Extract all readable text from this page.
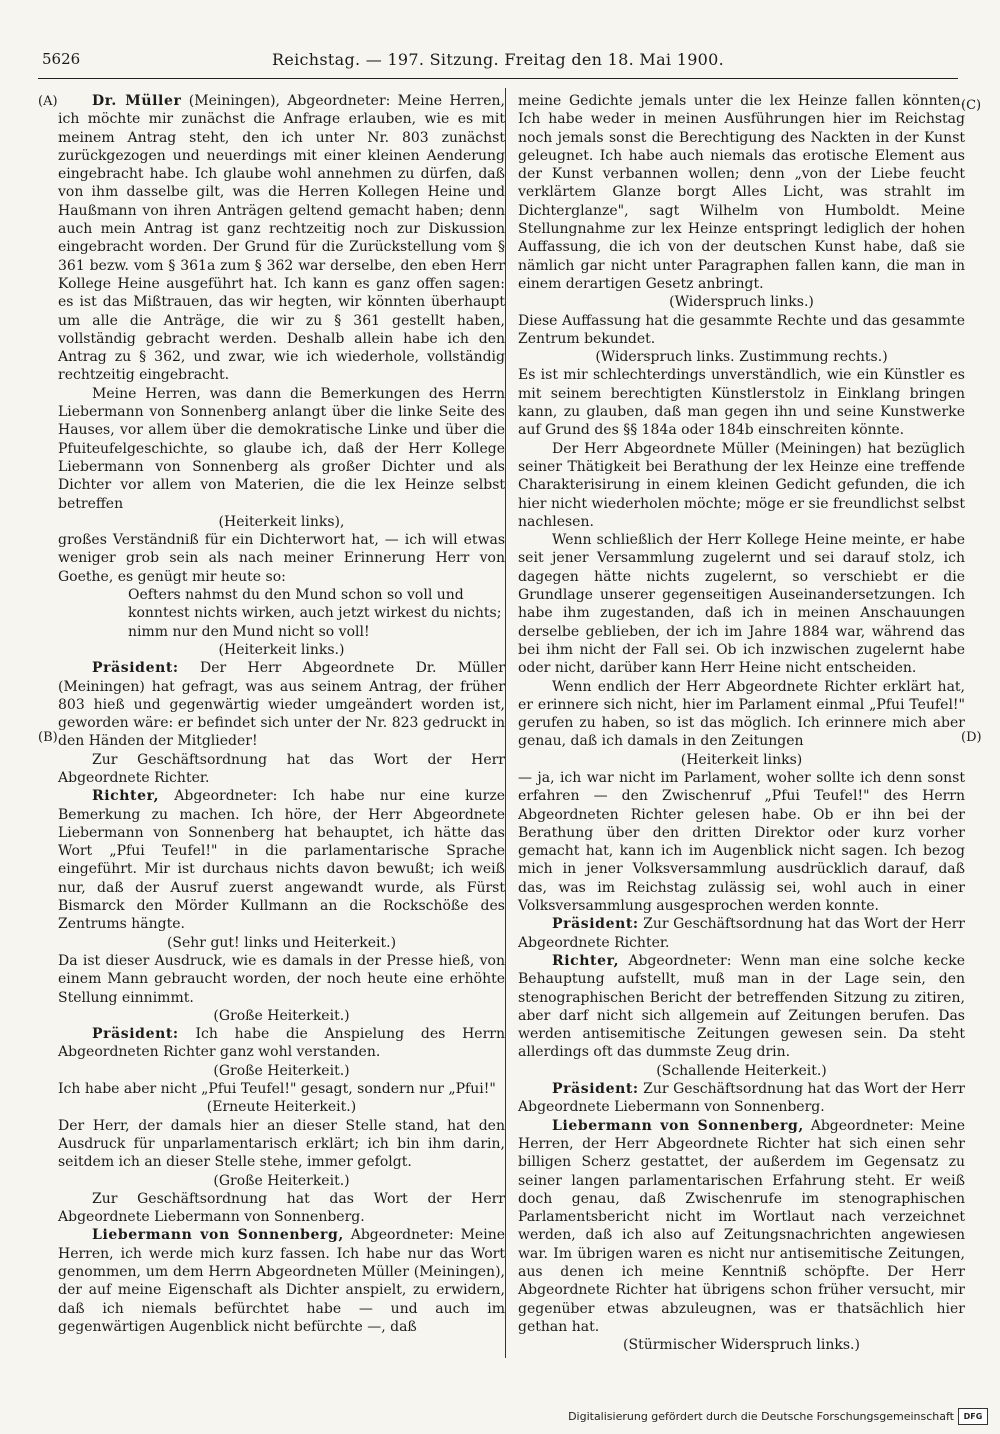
5626	Reichstag. — 197. Sitzung. Freitag den 18. Mai 1900.
(A)
(B)
(C)
(D)

Dr. Müller (Meiningen), Abgeordneter: Meine Herren, ich möchte mir zunächst die Anfrage erlauben, wie es mit meinem Antrag steht, den ich unter Nr. 803 zunächst zurückgezogen und neuerdings mit einer kleinen Aenderung eingebracht habe. Ich glaube wohl annehmen zu dürfen, daß von ihm dasselbe gilt, was die Herren Kollegen Heine und Haußmann von ihren Anträgen geltend gemacht haben; denn auch mein Antrag ist ganz rechtzeitig noch zur Diskussion eingebracht worden. Der Grund für die Zurückstellung vom § 361 bezw. vom § 361a zum § 362 war derselbe, den eben Herr Kollege Heine ausgeführt hat. Ich kann es ganz offen sagen: es ist das Mißtrauen, das wir hegten, wir könnten überhaupt um alle die Anträge, die wir zu § 361 gestellt haben, vollständig gebracht werden. Deshalb allein habe ich den Antrag zu § 362, und zwar, wie ich wiederhole, vollständig rechtzeitig eingebracht.

Meine Herren, was dann die Bemerkungen des Herrn Liebermann von Sonnenberg anlangt über die linke Seite des Hauses, vor allem über die demokratische Linke und über die Pfuiteufelgeschichte, so glaube ich, daß der Herr Kollege Liebermann von Sonnenberg als großer Dichter und als Dichter vor allem von Materien, die die lex Heinze selbst betreffen

(Heiterkeit links),

großes Verständniß für ein Dichterwort hat, — ich will etwas weniger grob sein als nach meiner Erinnerung Herr von Goethe, es genügt mir heute so:

Oefters nahmst du den Mund schon so voll und

konntest nichts wirken, auch jetzt wirkest du nichts;

nimm nur den Mund nicht so voll!

(Heiterkeit links.)

Präsident: Der Herr Abgeordnete Dr. Müller (Meiningen) hat gefragt, was aus seinem Antrag, der früher 803 hieß und gegenwärtig wieder umgeändert worden ist, geworden wäre: er befindet sich unter der Nr. 823 gedruckt in den Händen der Mitglieder!

Zur Geschäftsordnung hat das Wort der Herr Abgeordnete Richter.

Richter, Abgeordneter: Ich habe nur eine kurze Bemerkung zu machen. Ich höre, der Herr Abgeordnete Liebermann von Sonnenberg hat behauptet, ich hätte das Wort „Pfui Teufel!" in die parlamentarische Sprache eingeführt. Mir ist durchaus nichts davon bewußt; ich weiß nur, daß der Ausruf zuerst angewandt wurde, als Fürst Bismarck den Mörder Kullmann an die Rockschöße des Zentrums hängte.

(Sehr gut! links und Heiterkeit.)

Da ist dieser Ausdruck, wie es damals in der Presse hieß, von einem Mann gebraucht worden, der noch heute eine erhöhte Stellung einnimmt.

(Große Heiterkeit.)

Präsident: Ich habe die Anspielung des Herrn Abgeordneten Richter ganz wohl verstanden.

(Große Heiterkeit.)

Ich habe aber nicht „Pfui Teufel!" gesagt, sondern nur „Pfui!"

(Erneute Heiterkeit.)

Der Herr, der damals hier an dieser Stelle stand, hat den Ausdruck für unparlamentarisch erklärt; ich bin ihm darin, seitdem ich an dieser Stelle stehe, immer gefolgt.

(Große Heiterkeit.)

Zur Geschäftsordnung hat das Wort der Herr Abgeordnete Liebermann von Sonnenberg.

Liebermann von Sonnenberg, Abgeordneter: Meine Herren, ich werde mich kurz fassen. Ich habe nur das Wort genommen, um dem Herrn Abgeordneten Müller (Meiningen), der auf meine Eigenschaft als Dichter anspielt, zu erwidern, daß ich niemals befürchtet habe — und auch im gegenwärtigen Augenblick nicht befürchte —, daß

meine Gedichte jemals unter die lex Heinze fallen könnten. Ich habe weder in meinen Ausführungen hier im Reichstag noch jemals sonst die Berechtigung des Nackten in der Kunst geleugnet. Ich habe auch niemals das erotische Element aus der Kunst verbannen wollen; denn „von der Liebe feucht verklärtem Glanze borgt Alles Licht, was strahlt im Dichterglanze", sagt Wilhelm von Humboldt. Meine Stellungnahme zur lex Heinze entspringt lediglich der hohen Auffassung, die ich von der deutschen Kunst habe, daß sie nämlich gar nicht unter Paragraphen fallen kann, die man in einem derartigen Gesetz anbringt.

(Widerspruch links.)

Diese Auffassung hat die gesammte Rechte und das gesammte Zentrum bekundet.

(Widerspruch links. Zustimmung rechts.)

Es ist mir schlechterdings unverständlich, wie ein Künstler es mit seinem berechtigten Künstlerstolz in Einklang bringen kann, zu glauben, daß man gegen ihn und seine Kunstwerke auf Grund des §§ 184a oder 184b einschreiten könnte.

Der Herr Abgeordnete Müller (Meiningen) hat bezüglich seiner Thätigkeit bei Berathung der lex Heinze eine treffende Charakterisirung in einem kleinen Gedicht gefunden, die ich hier nicht wiederholen möchte; möge er sie freundlichst selbst nachlesen.

Wenn schließlich der Herr Kollege Heine meinte, er habe seit jener Versammlung zugelernt und sei darauf stolz, ich dagegen hätte nichts zugelernt, so verschiebt er die Grundlage unserer gegenseitigen Auseinandersetzungen. Ich habe ihm zugestanden, daß ich in meinen Anschauungen derselbe geblieben, der ich im Jahre 1884 war, während das bei ihm nicht der Fall sei. Ob ich inzwischen zugelernt habe oder nicht, darüber kann Herr Heine nicht entscheiden.

Wenn endlich der Herr Abgeordnete Richter erklärt hat, er erinnere sich nicht, hier im Parlament einmal „Pfui Teufel!" gerufen zu haben, so ist das möglich. Ich erinnere mich aber genau, daß ich damals in den Zeitungen

(Heiterkeit links)

— ja, ich war nicht im Parlament, woher sollte ich denn sonst erfahren — den Zwischenruf „Pfui Teufel!" des Herrn Abgeordneten Richter gelesen habe. Ob er ihn bei der Berathung über den dritten Direktor oder kurz vorher gemacht hat, kann ich im Augenblick nicht sagen. Ich bezog mich in jener Volksversammlung ausdrücklich darauf, daß das, was im Reichstag zulässig sei, wohl auch in einer Volksversammlung ausgesprochen werden konnte.

Präsident: Zur Geschäftsordnung hat das Wort der Herr Abgeordnete Richter.

Richter, Abgeordneter: Wenn man eine solche kecke Behauptung aufstellt, muß man in der Lage sein, den stenographischen Bericht der betreffenden Sitzung zu zitiren, aber darf nicht sich allgemein auf Zeitungen berufen. Das werden antisemitische Zeitungen gewesen sein. Da steht allerdings oft das dummste Zeug drin.

(Schallende Heiterkeit.)

Präsident: Zur Geschäftsordnung hat das Wort der Herr Abgeordnete Liebermann von Sonnenberg.

Liebermann von Sonnenberg, Abgeordneter: Meine Herren, der Herr Abgeordnete Richter hat sich einen sehr billigen Scherz gestattet, der außerdem im Gegensatz zu seiner langen parlamentarischen Erfahrung steht. Er weiß doch genau, daß Zwischenrufe im stenographischen Parlamentsbericht nicht im Wortlaut nach verzeichnet werden, daß ich also auf Zeitungsnachrichten angewiesen war. Im übrigen waren es nicht nur antisemitische Zeitungen, aus denen ich meine Kenntniß schöpfte. Der Herr Abgeordnete Richter hat übrigens schon früher versucht, mir gegenüber etwas abzuleugnen, was er thatsächlich hier gethan hat.

(Stürmischer Widerspruch links.)

Digitalisierung gefördert durch die Deutsche Forschungsgemeinschaft	DFG
